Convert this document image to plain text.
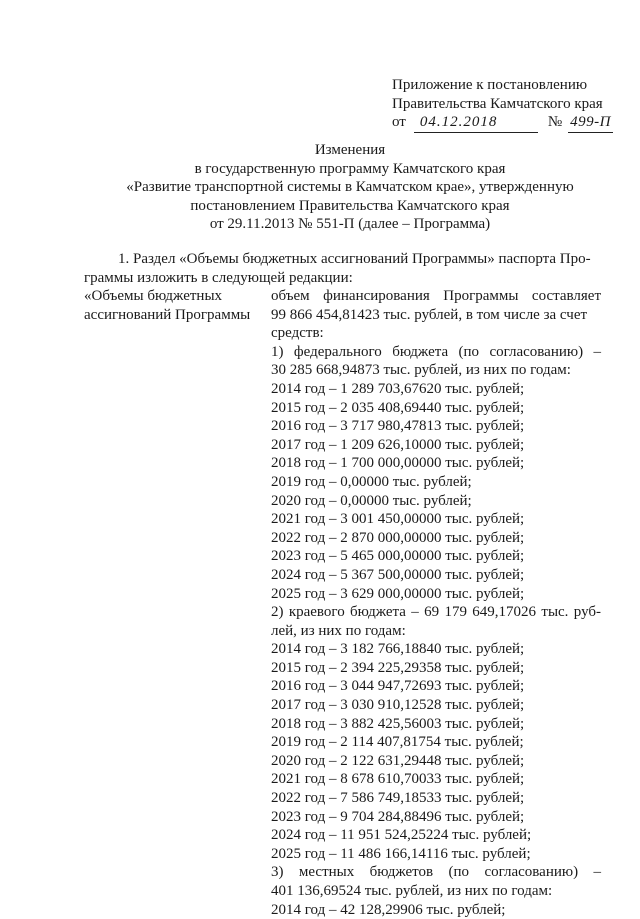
Приложение к постановлению
Правительства Камчатского края
от 04.12.2018	№ 499-П
Изменения
в государственную программу Камчатского края
«Развитие транспортной системы в Камчатском крае», утвержденную
постановлением Правительства Камчатского края
от 29.11.2013 № 551-П (далее – Программа)
1. Раздел «Объемы бюджетных ассигнований Программы» паспорта Про-
граммы изложить в следующей редакции:
«Объемы бюджетных
ассигнований Программы
объем финансирования Программы составляет
99 866 454,81423 тыс. рублей, в том числе за счет
средств:
1) федерального бюджета (по согласованию) –
30 285 668,94873 тыс. рублей, из них по годам:
2014 год – 1 289 703,67620 тыс. рублей;
2015 год – 2 035 408,69440 тыс. рублей;
2016 год – 3 717 980,47813 тыс. рублей;
2017 год – 1 209 626,10000 тыс. рублей;
2018 год – 1 700 000,00000 тыс. рублей;
2019 год – 0,00000 тыс. рублей;
2020 год – 0,00000 тыс. рублей;
2021 год – 3 001 450,00000 тыс. рублей;
2022 год – 2 870 000,00000 тыс. рублей;
2023 год – 5 465 000,00000 тыс. рублей;
2024 год – 5 367 500,00000 тыс. рублей;
2025 год – 3 629 000,00000 тыс. рублей;
2) краевого бюджета – 69 179 649,17026 тыс. руб-
лей, из них по годам:
2014 год – 3 182 766,18840 тыс. рублей;
2015 год – 2 394 225,29358 тыс. рублей;
2016 год – 3 044 947,72693 тыс. рублей;
2017 год – 3 030 910,12528 тыс. рублей;
2018 год – 3 882 425,56003 тыс. рублей;
2019 год – 2 114 407,81754 тыс. рублей;
2020 год – 2 122 631,29448 тыс. рублей;
2021 год – 8 678 610,70033 тыс. рублей;
2022 год – 7 586 749,18533 тыс. рублей;
2023 год – 9 704 284,88496 тыс. рублей;
2024 год – 11 951 524,25224 тыс. рублей;
2025 год – 11 486 166,14116 тыс. рублей;
3) местных бюджетов (по согласованию) –
401 136,69524 тыс. рублей, из них по годам:
2014 год – 42 128,29906 тыс. рублей;
